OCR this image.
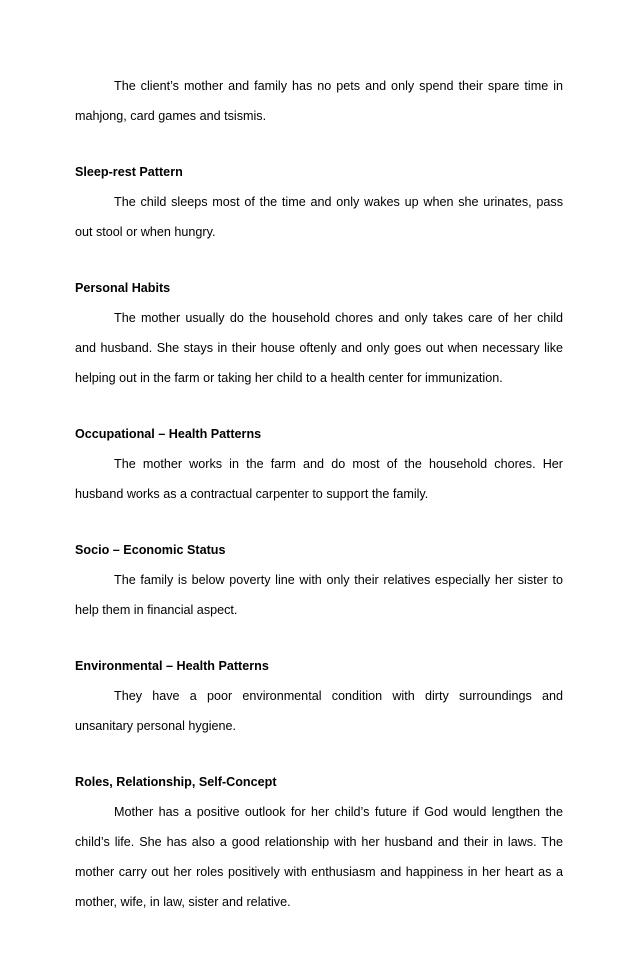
The client’s mother and family has no pets and only spend their spare time in mahjong, card games and tsismis.

Sleep-rest Pattern

The child sleeps most of the time and only wakes up when she urinates, pass out stool or when hungry.

Personal Habits

The mother usually do the household chores and only takes care of her child and husband. She stays in their house oftenly and only goes out when necessary like helping out in the farm or taking her child to a health center for immunization.

Occupational – Health Patterns

The mother works in the farm and do most of the household chores. Her husband works as a contractual carpenter to support the family.

Socio – Economic Status

The family is below poverty line with only their relatives especially her sister to help them in financial aspect.

Environmental – Health Patterns

They have a poor environmental condition with dirty surroundings and unsanitary personal hygiene.

Roles, Relationship, Self-Concept

Mother has a positive outlook for her child’s future if God would lengthen the child’s life. She has also a good relationship with her husband and their in laws. The mother carry out her roles positively with enthusiasm and happiness in her heart as a mother, wife, in law, sister and relative.
